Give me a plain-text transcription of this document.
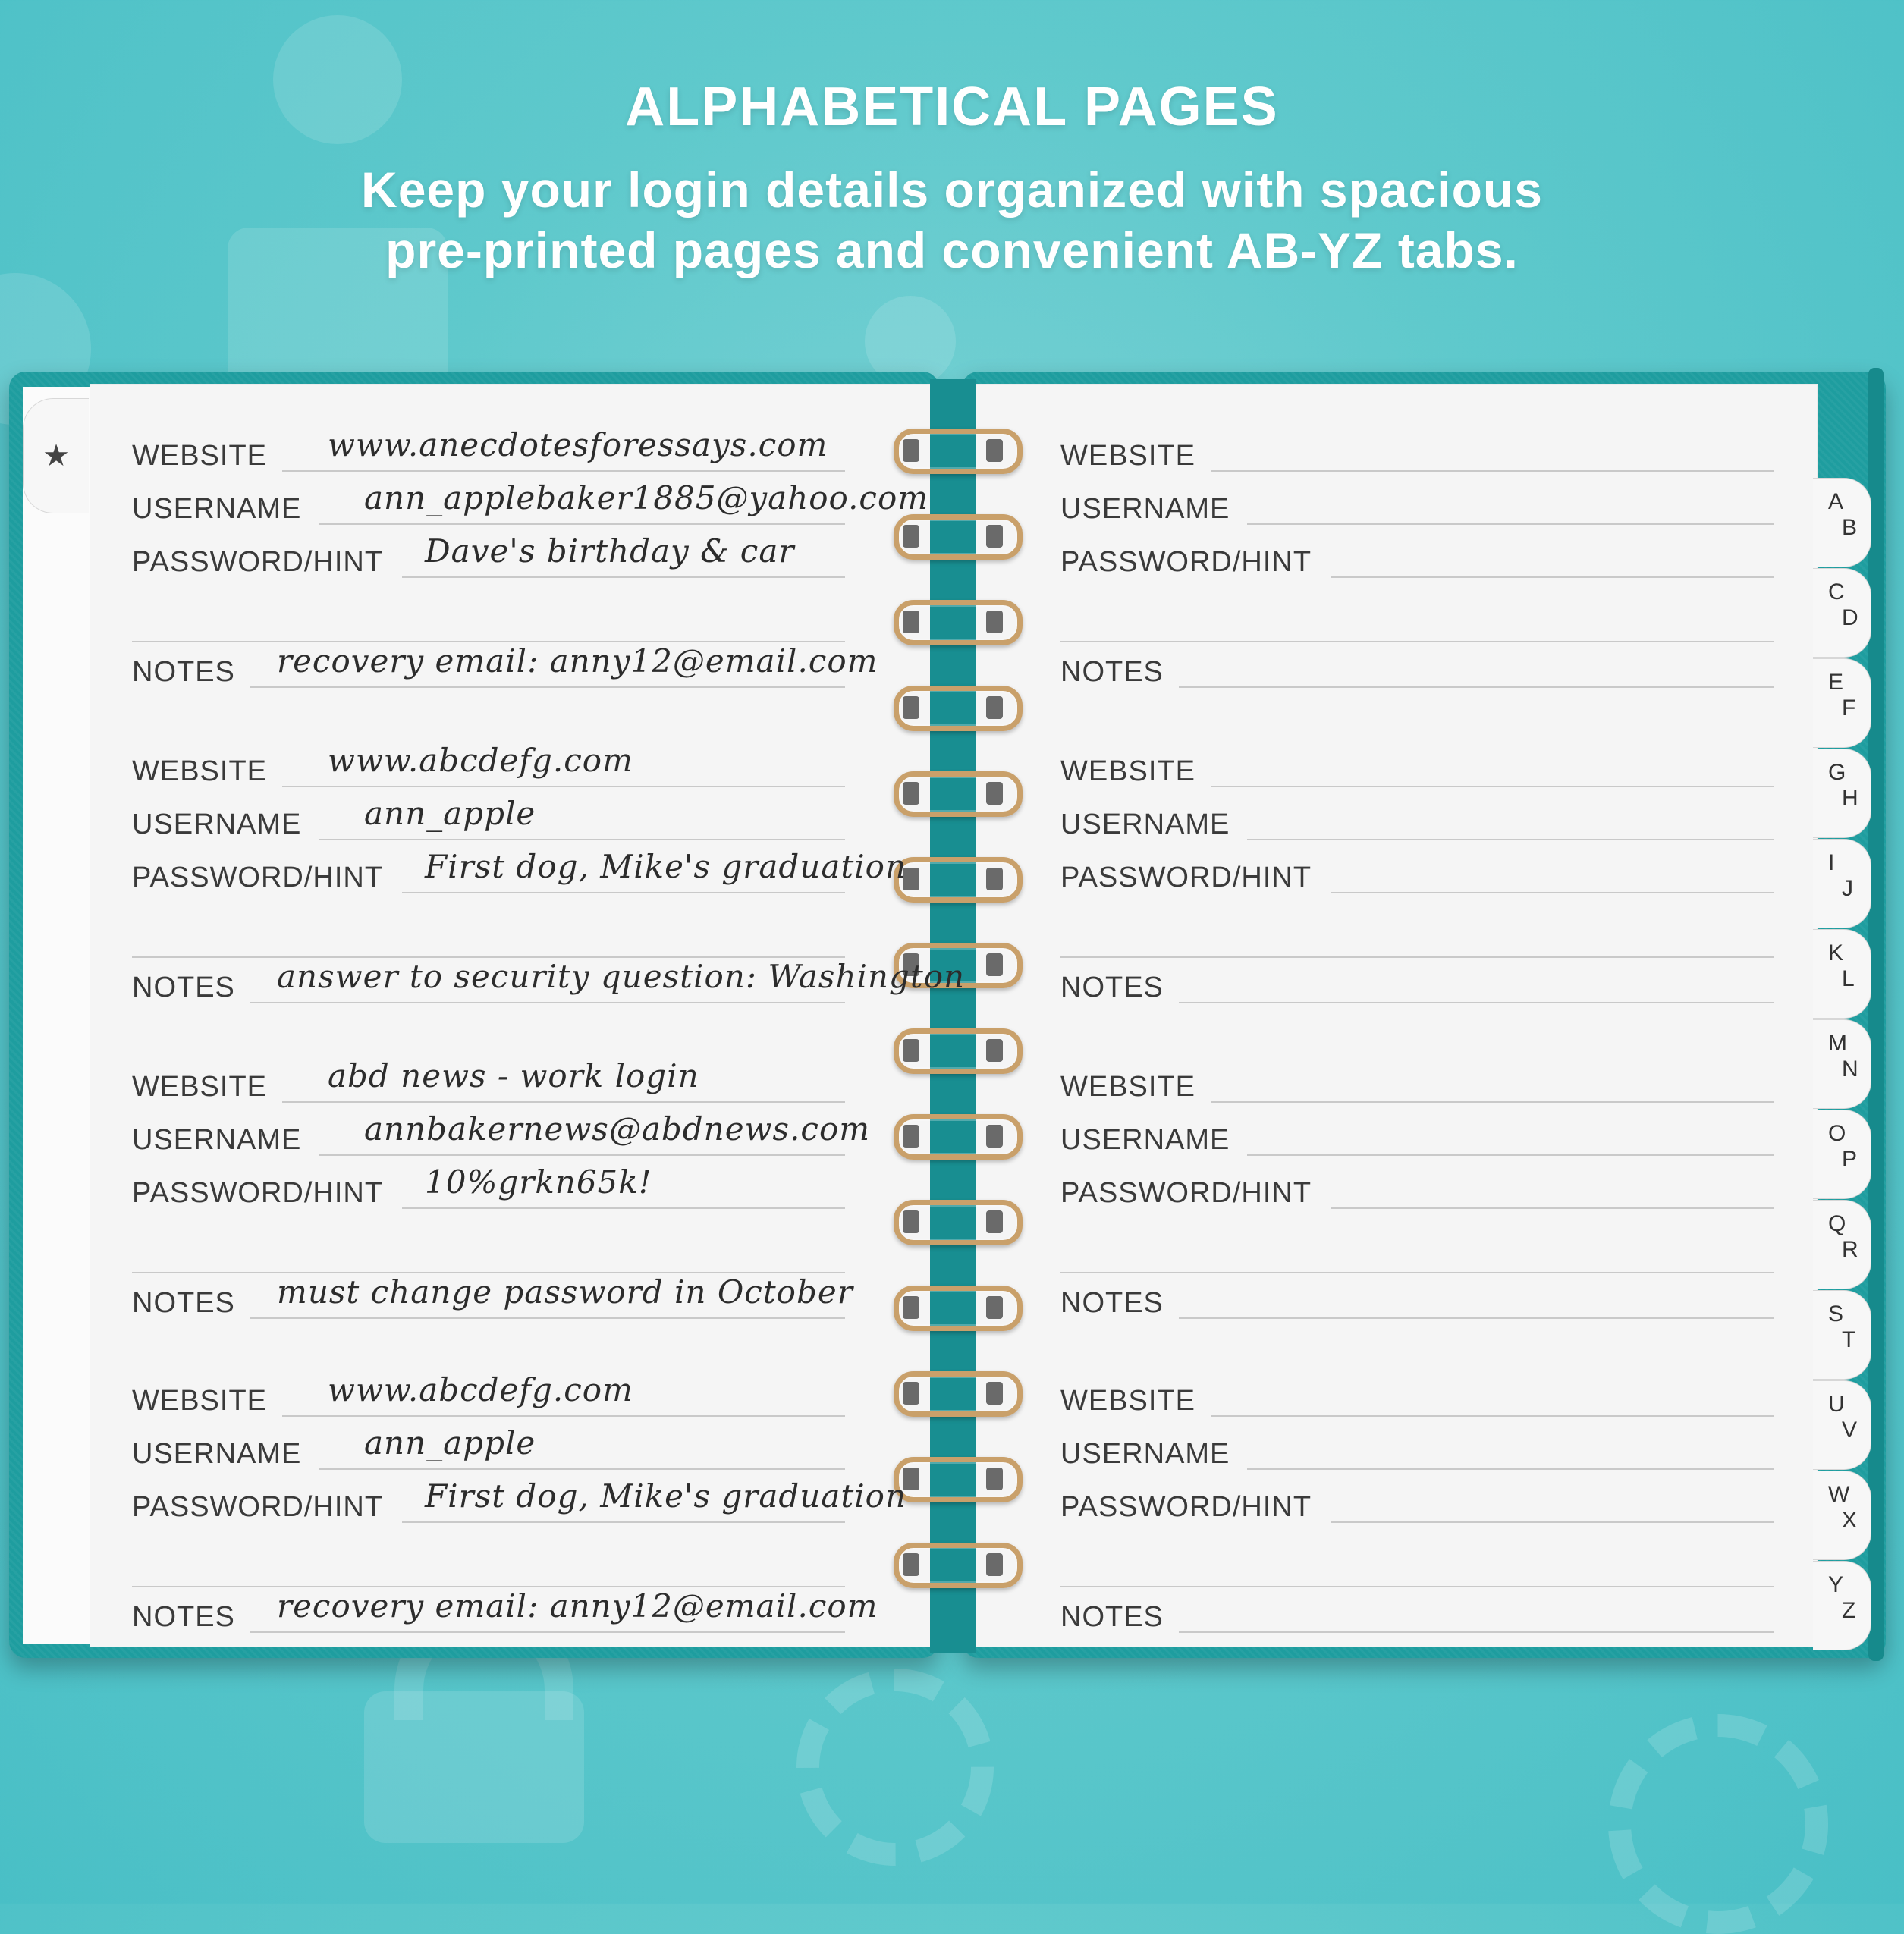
ALPHABETICAL PAGES
Keep your login details organized with spacious
pre-printed pages and convenient AB-YZ tabs.
★	WEBSITE www.anecdotesforessays.com
USERNAME ann_applebaker1885@yahoo.com
PASSWORD/HINT Dave's birthday & car
NOTES recovery email: anny12@email.com
WEBSITE www.abcdefg.com
USERNAME ann_apple
PASSWORD/HINT First dog, Mike's graduation
NOTES answer to security question: Washington
WEBSITE abd news - work login
USERNAME annbakernews@abdnews.com
PASSWORD/HINT 10%grkn65k!
NOTES must change password in October
WEBSITE www.abcdefg.com
USERNAME ann_apple
PASSWORD/HINT First dog, Mike's graduation
NOTES recovery email: anny12@email.com
WEBSITE
USERNAME
PASSWORD/HINT
NOTES
WEBSITE
USERNAME
PASSWORD/HINT
NOTES
WEBSITE
USERNAME
PASSWORD/HINT
NOTES
WEBSITE
USERNAME
PASSWORD/HINT
NOTES
A
B
C
D
E
F
G
H
I
J
K
L
M
N
O
P
Q
R
S
T
U
V
W
X
Y
Z
